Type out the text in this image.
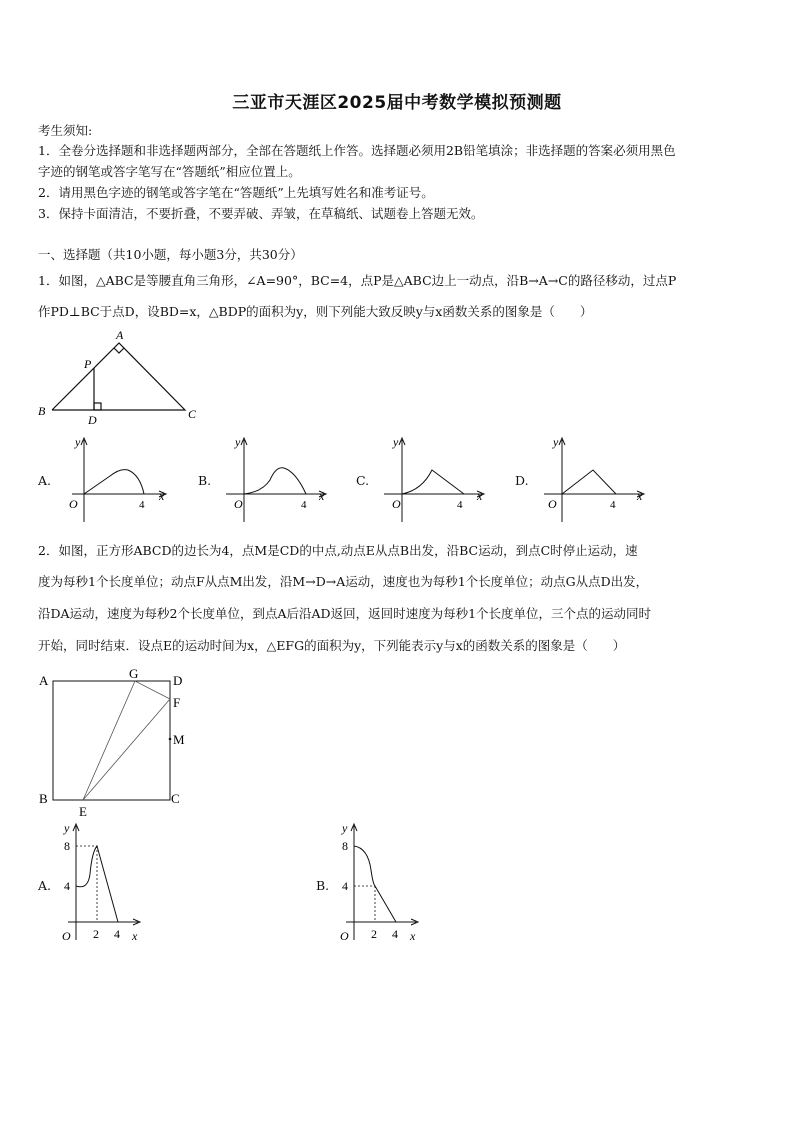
三亚市天涯区2025届中考数学模拟预测题
考生须知:
1．全卷分选择题和非选择题两部分，全部在答题纸上作答。选择题必须用2B铅笔填涂；非选择题的答案必须用黑色
字迹的钢笔或答字笔写在“答题纸”相应位置上。
2．请用黑色字迹的钢笔或答字笔在“答题纸”上先填写姓名和准考证号。
3．保持卡面清洁，不要折叠，不要弄破、弄皱，在草稿纸、试题卷上答题无效。
一、选择题（共10小题，每小题3分，共30分）
1．如图，△ABC是等腰直角三角形，∠A=90°，BC=4，点P是△ABC边上一动点，沿B→A→C的路径移动，过点P
作PD⊥BC于点D，设BD=x，△BDP的面积为y，则下列能大致反映y与x函数关系的图象是（　　）
A
P
B
D	C
A.
y
x
O	4
B.
y
x
O	4
C.
y
x
O	4
D.
y
x
O	4
2．如图，正方形ABCD的边长为4，点M是CD的中点,动点E从点B出发，沿BC运动，到点C时停止运动，速
度为每秒1个长度单位；动点F从点M出发，沿M→D→A运动，速度也为每秒1个长度单位；动点G从点D出发，
沿DA运动，速度为每秒2个长度单位，到点A后沿AD返回，返回时速度为每秒1个长度单位，三个点的运动同时
开始，同时结束．设点E的运动时间为x，△EFG的面积为y，下列能表示y与x的函数关系的图象是（　　）
A	G	D
F
M
B	C
E
A.
y
8
4
O 2 4 x
B.
y
8
4
O 2 4 x
